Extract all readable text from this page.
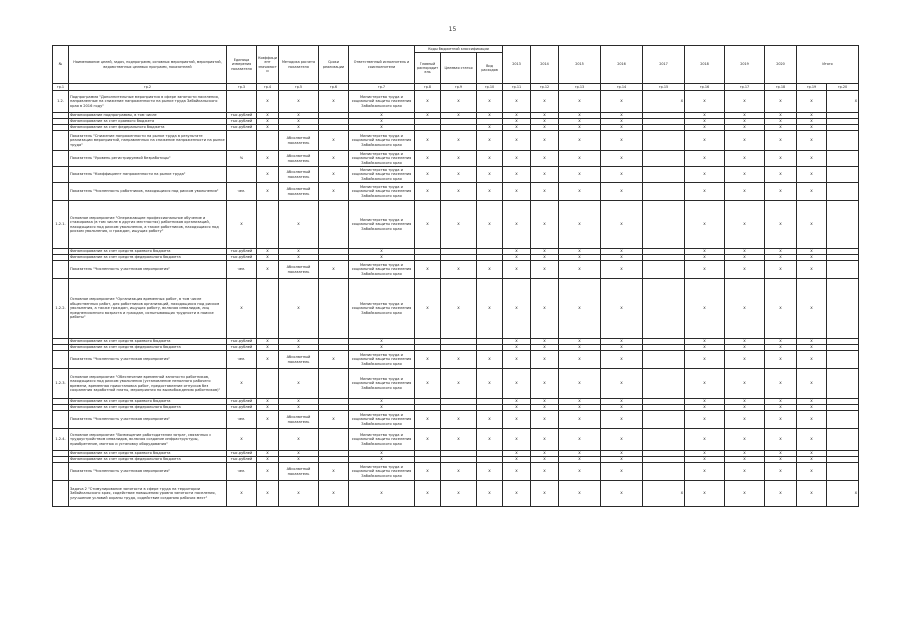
15
№	Наименование целей, задач, подпрограмм, основных мероприятий, мероприятий, ведомственных целевых программ, показателей	Единица измерения показателя	Коэффициент значимости	Методика расчета показателя	Сроки реализации	Ответственный исполнитель и соисполнители	Коды бюджетной классификации			2013	2014	2015	2016	2017	2018	2019	2020	Итого	
							Главный распорядитель	Целевая статья	Вид расходов										
гр.1	гр.2	гр.3	гр.4	гр.5	гр.6	гр.7	гр.8	гр.9	гр.10	гр.11	гр.12	гр.13	гр.14	гр.15	гр.16	гр.17	гр.18	гр.19	гр.20
1.2.	Подпрограмма "Дополнительные мероприятия в сфере занятости населения, направленные на снижение напряженности на рынке труда Забайкальского края в 2016 году"		X	X	X	Министерство труда и социальной защиты населения Забайкальского края	X	X	X	X	X	X	X	X	X	X	X	X	X
	Финансирование подпрограммы, в том числе	тыс.рублей	X	X		X	X	X	X	X	X	X	X		X	X	X	X	
	Финансирование за счет краевого бюджета	тыс.рублей	X	X		X				X	X	X	X		X	X	X	X	
	Финансирование за счет федерального бюджета	тыс.рублей	X	X		X			X	X	X	X	X		X	X	X	X	
	Показатель "Снижение напряженности на рынке труда в результате реализации мероприятий, направленных на снижение напряженности на рынке труда"			Абсолютный показатель	X	Министерство труда и социальной защиты населения Забайкальского края	X	X	X	X	X	X	X		X	X	X	X	
	Показатель "Уровень регистрируемой безработицы"	%	X	Абсолютный показатель	X	Министерство труда и социальной защиты населения Забайкальского края	X	X	X	X	X	X	X		X	X	X	X	
	Показатель "Коэффициент напряженности на рынке труда"		X	Абсолютный показатель	X	Министерство труда и социальной защиты населения Забайкальского края	X	X	X	X	X	X	X		X	X	X	X	
	Показатель "Численность работников, находящихся под риском увольнения"	чел.	X	Абсолютный показатель	X	Министерство труда и социальной защиты населения Забайкальского края	X	X	X	X	X	X	X		X	X	X	X	
1.2.1.	Основное мероприятие "Опережающее профессиональное обучение и стажировка (в том числе в других местностях) работников организаций, находящихся под риском увольнения, а также работников, находящихся под риском увольнения, и граждан, ищущих работу"	X		X		Министерство труда и социальной защиты населения Забайкальского края	X	X	X	X	X	X	X		X	X	X	X	
	Финансирование за счет средств краевого бюджета	тыс.рублей	X	X		X				X	X	X	X		X	X	X	X	
	Финансирование за счет средств федерального бюджета	тыс.рублей	X	X		X				X	X	X	X		X	X	X	X	
	Показатель "Численность участников мероприятия"	чел.	X	Абсолютный показатель	X	Министерство труда и социальной защиты населения Забайкальского края	X	X	X	X	X	X	X		X	X	X	X	
1.2.2.	Основное мероприятие "Организация временных работ, в том числе общественных работ, для работников организаций, находящихся под риском увольнения, а также граждан, ищущих работу, включая инвалидов, лиц предпенсионного возраста и граждан, испытывающих трудности в поиске работы"	X		X		Министерство труда и социальной защиты населения Забайкальского края	X	X	X	X	X	X	X		X	X	X	X	
	Финансирование за счет средств краевого бюджета	тыс.рублей	X	X		X				X	X	X	X		X	X	X	X	
	Финансирование за счет средств федерального бюджета	тыс.рублей	X	X		X				X	X	X	X		X	X	X	X	
	Показатель "Численность участников мероприятия"	чел.	X	Абсолютный показатель	X	Министерство труда и социальной защиты населения Забайкальского края	X	X	X	X	X	X	X		X	X	X	X	
1.2.3.	Основное мероприятие "Обеспечение временной занятости работников, находящихся под риском увольнения (установление неполного рабочего времени, временная приостановка работ, предоставление отпусков без сохранения заработной платы, мероприятия по высвобождению работников)"	X		X		Министерство труда и социальной защиты населения Забайкальского края	X	X	X	X	X	X	X		X	X	X	X	
	Финансирование за счет средств краевого бюджета	тыс.рублей	X	X		X				X	X	X	X		X	X	X	X	
	Финансирование за счет средств федерального бюджета	тыс.рублей	X	X		X				X	X	X	X		X	X	X	X	
	Показатель "Численность участников мероприятия"	чел.	X	Абсолютный показатель	X	Министерство труда и социальной защиты населения Забайкальского края	X	X	X	X	X	X	X		X	X	X	X	
1.2.4.	Основное мероприятие "Возмещение работодателям затрат, связанных с трудоустройством инвалидов, включая создание инфраструктуры, приобретение, монтаж и установку оборудования"	X		X		Министерство труда и социальной защиты населения Забайкальского края	X	X	X	X	X	X	X		X	X	X	X	
	Финансирование за счет средств краевого бюджета	тыс.рублей	X	X		X				X	X	X	X		X	X	X	X	
	Финансирование за счет средств федерального бюджета	тыс.рублей	X	X		X				X	X	X	X		X	X	X	X	
	Показатель "Численность участников мероприятия"	чел.	X	Абсолютный показатель	X	Министерство труда и социальной защиты населения Забайкальского края	X	X	X	X	X	X	X		X	X	X	X	
	Задача 2 "Стимулирование занятости в сфере труда на территории Забайкальского края, содействие повышению уровня занятости населения, улучшение условий охраны труда, содействие созданию рабочих мест"	X	X	X	X	X	X	X	X	X	X	X	X	X	X	X	X	X	X
